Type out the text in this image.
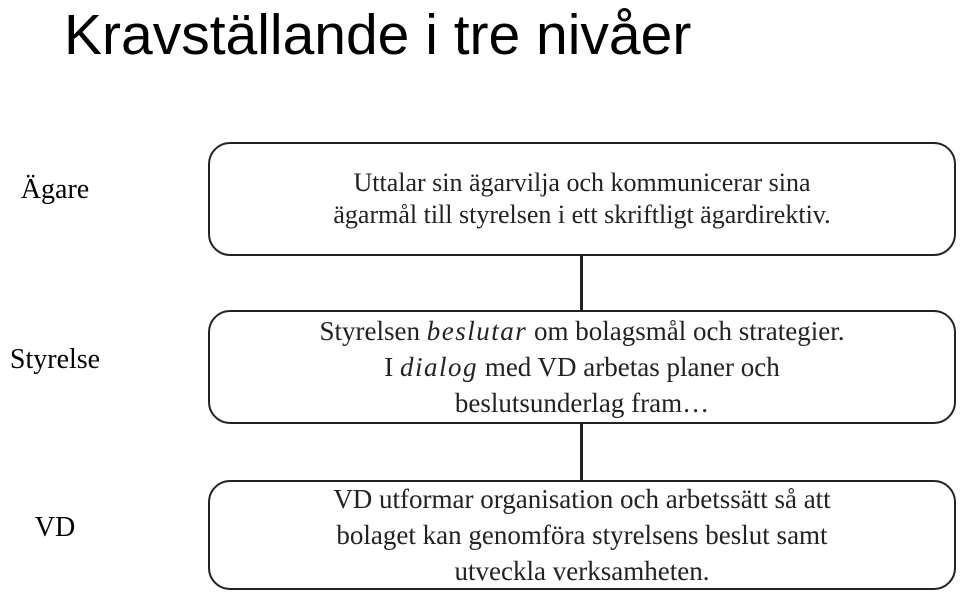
Kravställande i tre nivåer
Ägare
Styrelse
VD
Uttalar sin ägarvilja och kommunicerar sina
ägarmål till styrelsen i ett skriftligt ägardirektiv.
Styrelsen beslutar om bolagsmål och strategier.
I dialog med VD arbetas planer och
beslutsunderlag fram…
VD utformar organisation och arbetssätt så att
bolaget kan genomföra styrelsens beslut samt
utveckla verksamheten.
